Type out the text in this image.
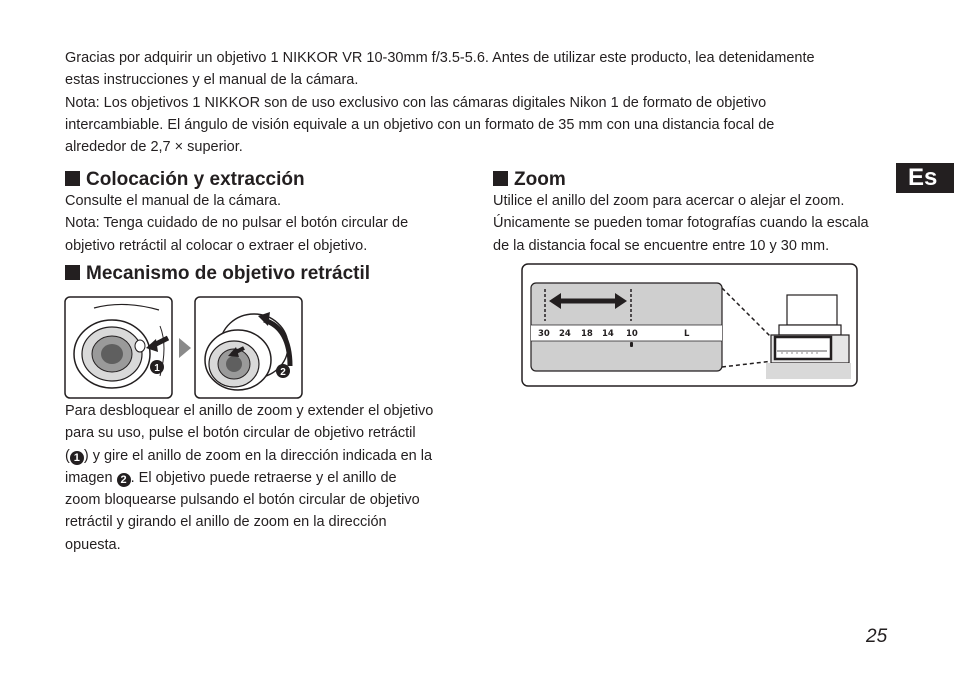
Gracias por adquirir un objetivo 1 NIKKOR VR 10-30mm f/3.5-5.6. Antes de utilizar este producto, lea detenidamente
estas instrucciones y el manual de la cámara.
Nota: Los objetivos 1 NIKKOR son de uso exclusivo con las cámaras digitales Nikon 1 de formato de objetivo
intercambiable. El ángulo de visión equivale a un objetivo con un formato de 35 mm con una distancia focal de
alrededor de 2,7 × superior.
Es
Colocación y extracción
Consulte el manual de la cámara.
Nota: Tenga cuidado de no pulsar el botón circular de
objetivo retráctil al colocar o extraer el objetivo.
Mecanismo de objetivo retráctil
1	2
Para desbloquear el anillo de zoom y extender el objetivo
para su uso, pulse el botón circular de objetivo retráctil
( 1 ) y gire el anillo de zoom en la dirección indicada en la
imagen 2 . El objetivo puede retraerse y el anillo de
zoom bloquearse pulsando el botón circular de objetivo
retráctil y girando el anillo de zoom en la dirección
opuesta.
Zoom
Utilice el anillo del zoom para acercar o alejar el zoom.
Únicamente se pueden tomar fotografías cuando la escala
de la distancia focal se encuentre entre 10 y 30 mm.
30 24 18 14 10	L
25
